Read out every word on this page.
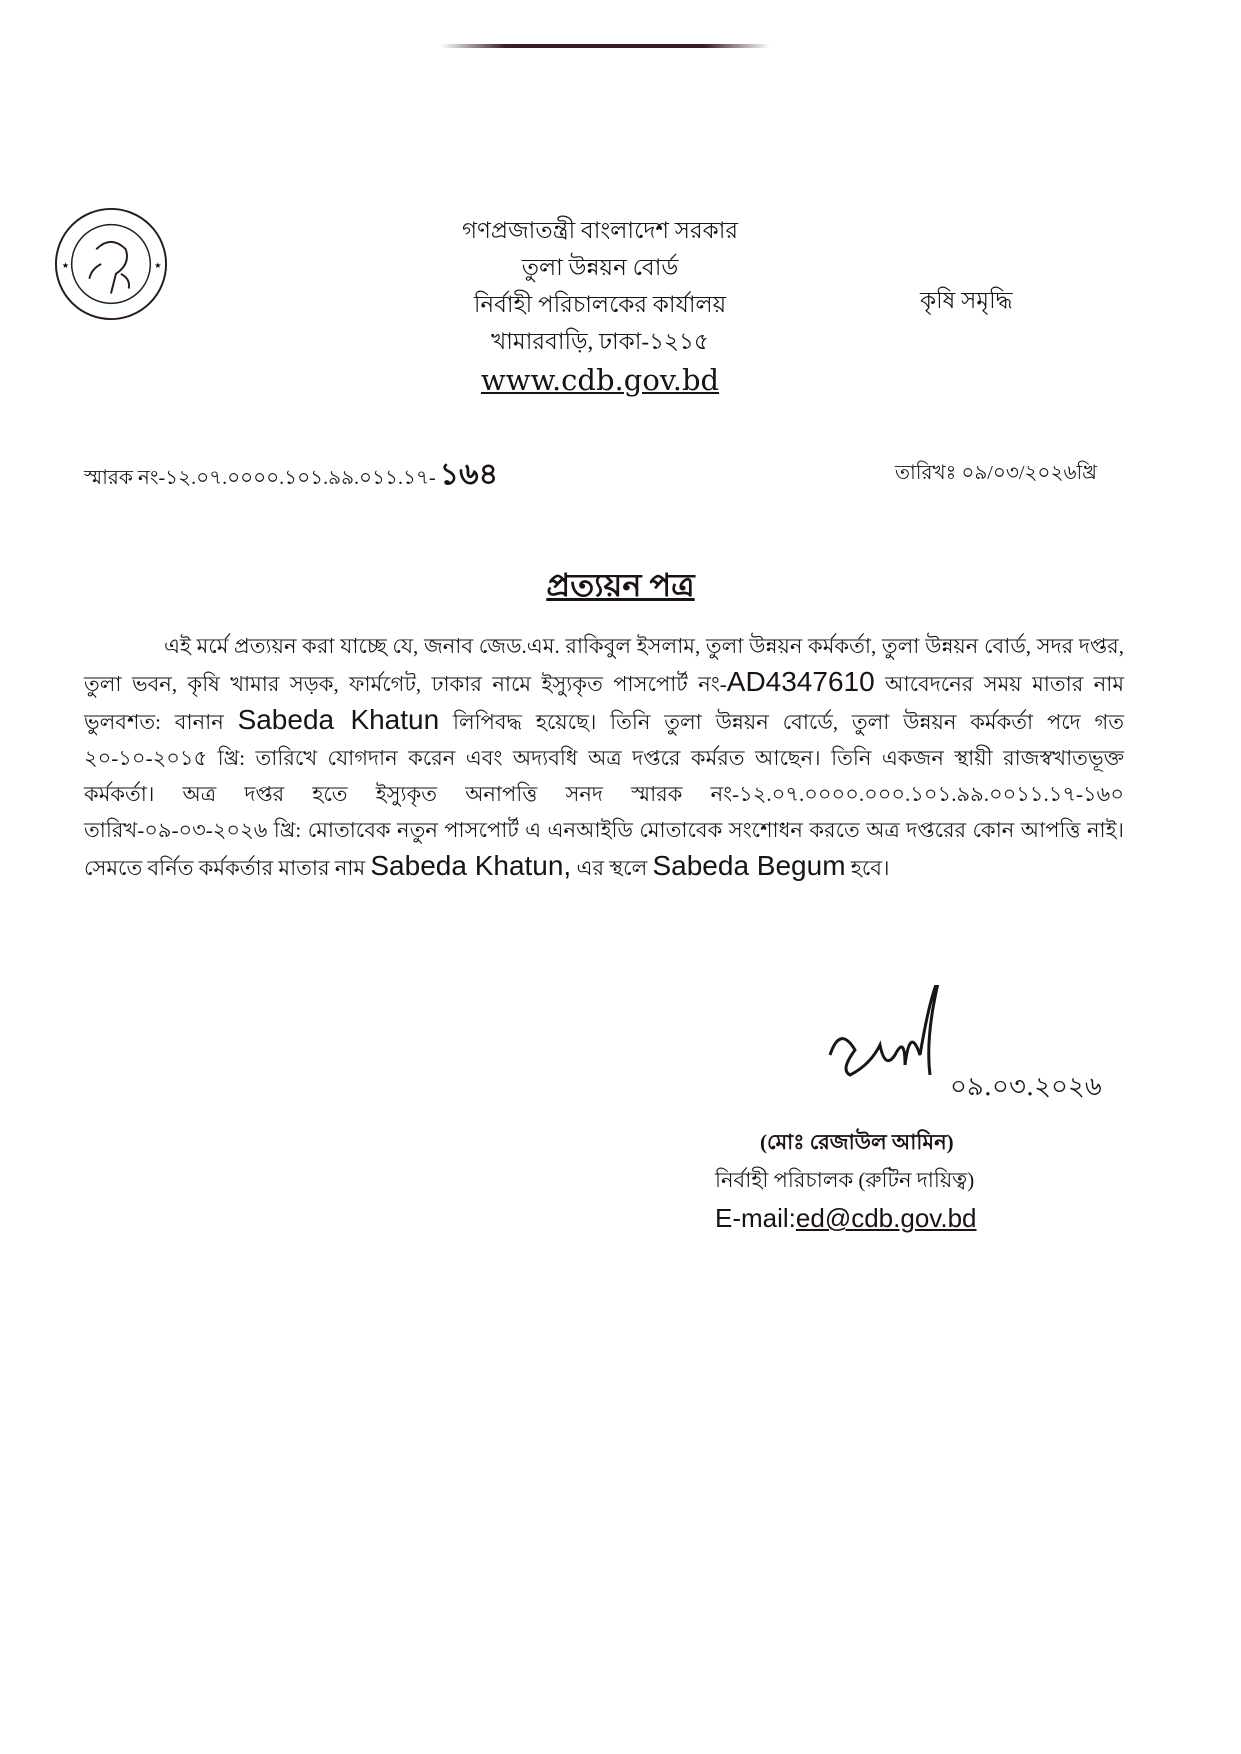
★	★
গণপ্রজাতন্ত্রী বাংলাদেশ সরকার
তুলা উন্নয়ন বোর্ড
নির্বাহী পরিচালকের কার্যালয়
খামারবাড়ি, ঢাকা-১২১৫
www.cdb.gov.bd
কৃষি সমৃদ্ধি
স্মারক নং-১২.০৭.০০০০.১০১.৯৯.০১১.১৭- ১৬৪	তারিখঃ ০৯/০৩/২০২৬খ্রি
প্রত্যয়ন পত্র
এই মর্মে প্রত্যয়ন করা যাচ্ছে যে, জনাব জেড.এম. রাকিবুল ইসলাম, তুলা উন্নয়ন কর্মকর্তা, তুলা উন্নয়ন বোর্ড, সদর দপ্তর, তুলা ভবন, কৃষি খামার সড়ক, ফার্মগেট, ঢাকার নামে ইস্যুকৃত পাসপোর্ট নং-AD4347610 আবেদনের সময় মাতার নাম ভুলবশত: বানান Sabeda Khatun লিপিবদ্ধ হয়েছে। তিনি তুলা উন্নয়ন বোর্ডে, তুলা উন্নয়ন কর্মকর্তা পদে গত ২০-১০-২০১৫ খ্রি: তারিখে যোগদান করেন এবং অদ্যবধি অত্র দপ্তরে কর্মরত আছেন। তিনি একজন স্থায়ী রাজস্বখাতভূক্ত কর্মকর্তা। অত্র দপ্তর হতে ইস্যুকৃত অনাপত্তি সনদ স্মারক নং-১২.০৭.০০০০.০০০.১০১.৯৯.০০১১.১৭-১৬০ তারিখ-০৯-০৩-২০২৬ খ্রি: মোতাবেক নতুন পাসপোর্ট এ এনআইডি মোতাবেক সংশোধন করতে অত্র দপ্তরের কোন আপত্তি নাই। সেমতে বর্নিত কর্মকর্তার মাতার নাম Sabeda Khatun, এর স্থলে Sabeda Begum হবে।
০৯.০৩.২০২৬
(মোঃ রেজাউল আমিন)
নির্বাহী পরিচালক (রুটিন দায়িত্ব)
E-mail:ed@cdb.gov.bd
